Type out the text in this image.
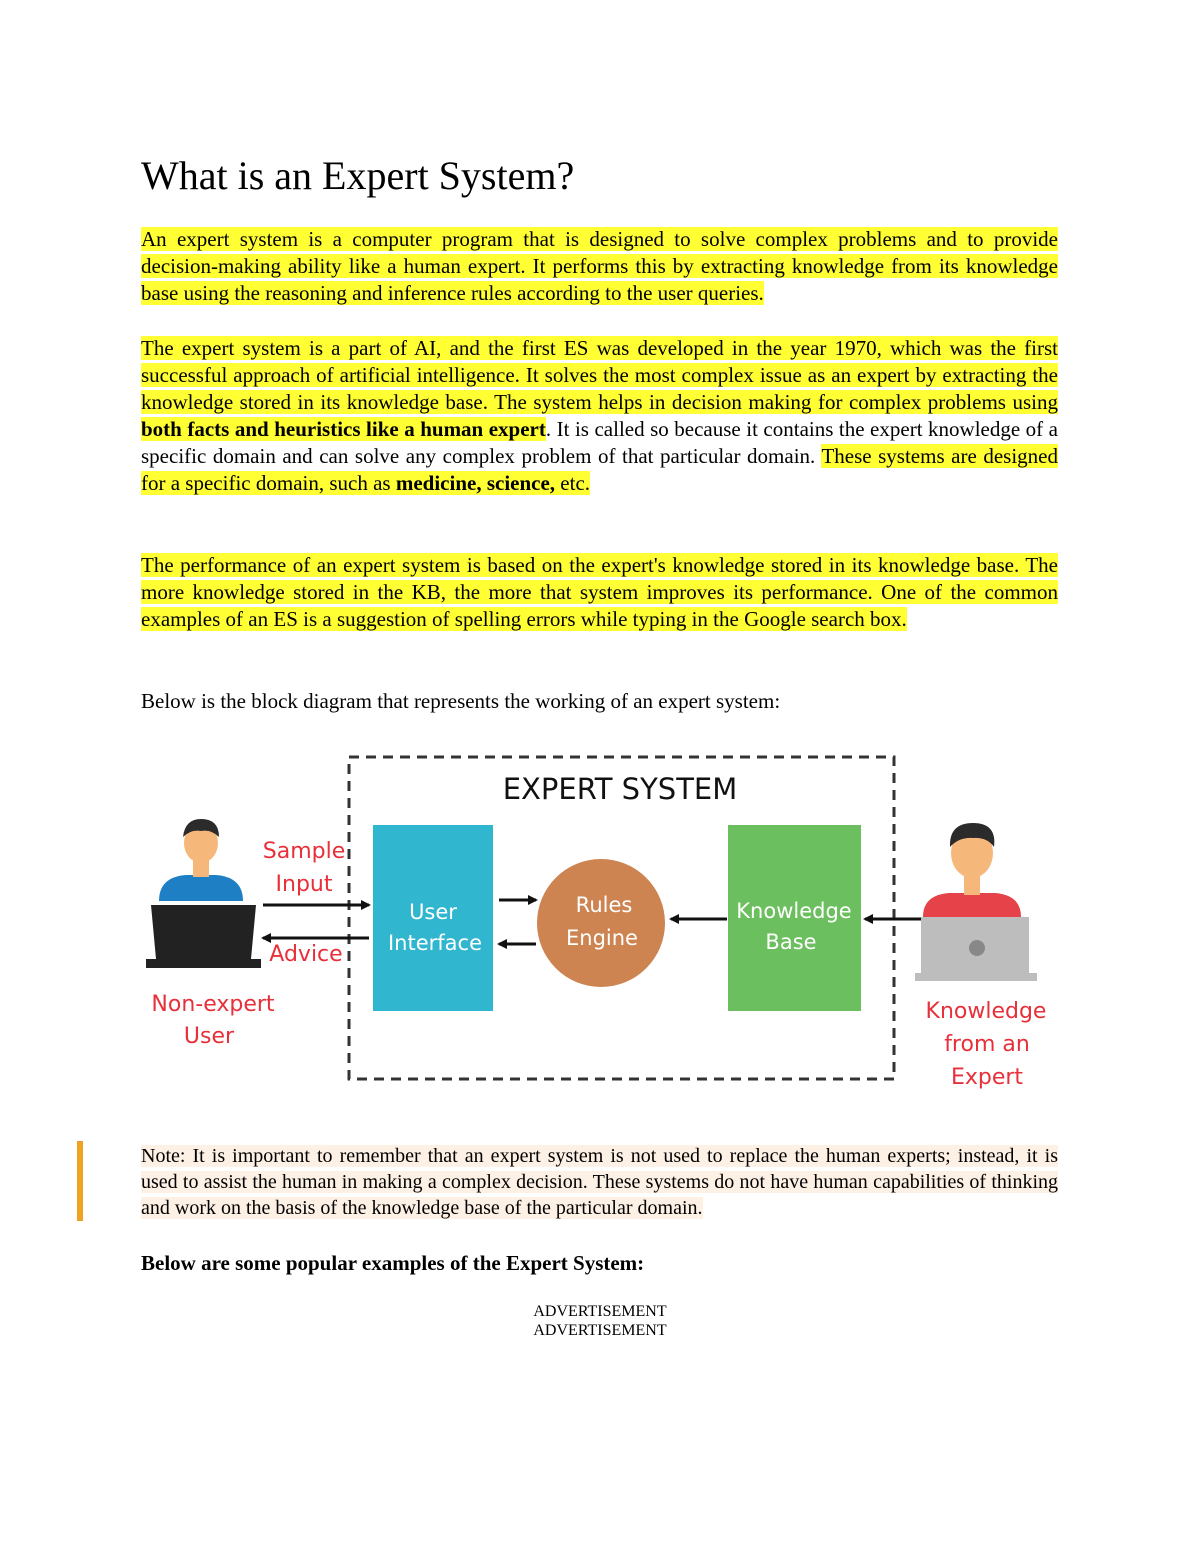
What is an Expert System?

An expert system is a computer program that is designed to solve complex problems and to provide decision-making ability like a human expert. It performs this by extracting knowledge from its knowledge base using the reasoning and inference rules according to the user queries.

The expert system is a part of AI, and the first ES was developed in the year 1970, which was the first successful approach of artificial intelligence. It solves the most complex issue as an expert by extracting the knowledge stored in its knowledge base. The system helps in decision making for complex problems using both facts and heuristics like a human expert. It is called so because it contains the expert knowledge of a specific domain and can solve any complex problem of that particular domain. These systems are designed for a specific domain, such as medicine, science, etc.

The performance of an expert system is based on the expert's knowledge stored in its knowledge base. The more knowledge stored in the KB, the more that system improves its performance. One of the common examples of an ES is a suggestion of spelling errors while typing in the Google search box.

Below is the block diagram that represents the working of an expert system:

EXPERT SYSTEM
Non-expert
User
Sample
Input
Advice
User
Interface
Rules
Engine
Knowledge
Base
Knowledge
from an
Expert

Note: It is important to remember that an expert system is not used to replace the human experts; instead, it is used to assist the human in making a complex decision. These systems do not have human capabilities of thinking and work on the basis of the knowledge base of the particular domain.

Below are some popular examples of the Expert System:

ADVERTISEMENT

ADVERTISEMENT
